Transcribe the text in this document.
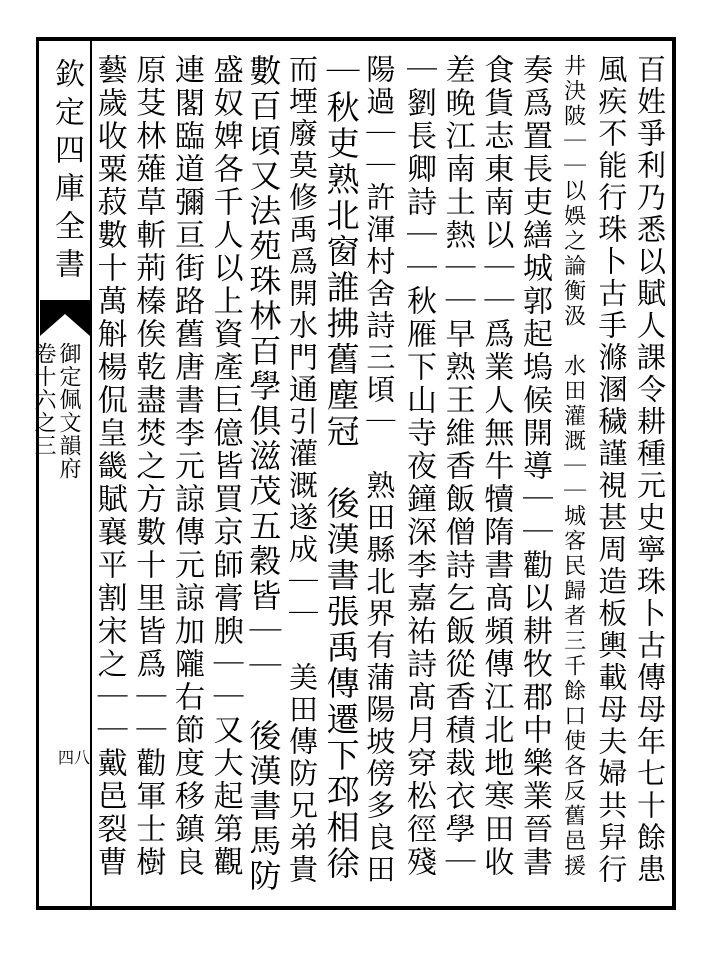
欽定四庫全書
御定佩文韻府
卷十六之三
四八	百姓爭利乃悉以賦人課令耕種元史寧珠卜古傳母年七十餘患
風疾不能行珠卜古手滌溷穢謹視甚周造板輿載母夫婦共舁行
井決陂｜｜以娛之論衡汲　水田灌溉｜｜城客民歸者三千餘口使各反舊邑援
奏爲置長吏繕城郭起塢候開導｜｜勸以耕牧郡中樂業晉書
食貨志東南以｜｜爲業人無牛犢隋書髙頻傳江北地寒田收
差晚江南土熱｜｜早熟王維香飯僧詩乞飯從香積裁衣學｜
｜劉長卿詩｜｜秋雁下山寺夜鐘深李嘉祐詩髙月穿松徑殘
陽過｜｜許渾村舍詩三頃｜　熟田縣北界有蒲陽坡傍多良田
｜秋吏熟北窗誰拂舊塵冠　後漢書張禹傳遷下邳相徐
而堙廢莫修禹爲開水門通引灌溉遂成｜｜　美田傳防兄弟貴
數百頃又法苑珠林百學俱滋茂五穀皆｜｜　後漢書馬防
盛奴婢各千人以上資產巨億皆買京師膏腴｜｜又大起第觀
連閣臨道彌亘街路舊唐書李元諒傳元諒加隴右節度移鎮良
原芟林薙草斬荊榛俟乾盡焚之方數十里皆爲｜｜勸軍士樹
藝歲收粟菽數十萬斛楊侃皇畿賦襄平割宋之｜｜戴邑裂曹
